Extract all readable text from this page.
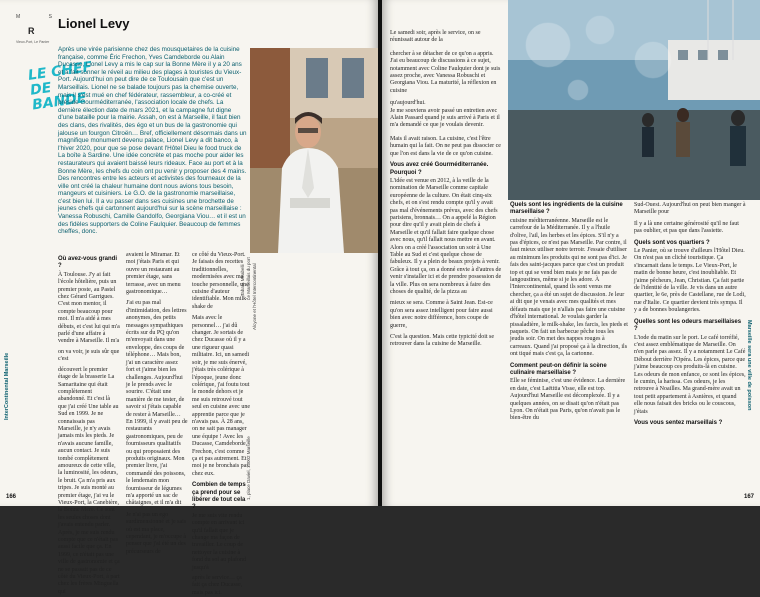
M	S
R
Vieux-Port, Le Panier
Lionel Levy
LE CHEF DE BANDE

Après une virée parisienne chez des mousquetaires de la cuisine française, comme Éric Frechon, Yves Camdeborde ou Alain Ducasse, Lionel Levy a mis le cap sur la Bonne Mère il y a 20 ans et a fait sonner le réveil au milieu des plages à touristes du Vieux-Port. Aujourd'hui on peut dire de ce Toulousain que c'est un Marseillais. Lionel ne se balade toujours pas la chemise ouverte, mais il s'est mué en chef fédérateur, rassembleur, a co-créé et préside Gourméditerranée, l'association locale de chefs. La dernière élection date de mars 2021, et la campagne fut digne d'une bataille pour la mairie. Assah, on est à Marseille, il faut bien des clans, des rivalités, des égo et un bus de la gastronomie qui jalouse un fourgon Citroën… Bref, officiellement désormais dans un magnifique monument devenu palace, Lionel Levy a dit banco, à l'hiver 2020, pour que se pose devant l'Hôtel Dieu le food truck de La boîte à Sardine. Une idée concrète et pas moche pour aider les restaurateurs qui avaient baissé leurs rideaux. Face au port et à la Bonne Mère, les chefs du coin ont pu venir y proposer des 4 mains. Des rencontres entre les acteurs et activistes des fourneaux de la ville ont créé la chaleur humaine dont nous avions tous besoin, mangeurs et cuisiniers. Le G.O. de la gastronomie marseillaise, c'est bien lui. Il a vu passer dans ses cuisines une brochette de jeunes chefs qui cartonnent aujourd'hui sur la scène marseillaise : Vanessa Robuschi, Camille Gandolfo, Georgiana Viou… et il est un des fidèles supporters de Coline Faulquier. Beaucoup de femmes cheffes, donc.

Tabata Mirabelli Le Marseillais du port Alcyone et l'Hôtel Intercontinental
1, place Daviel, 13002 Marseille
InterContinental Marseille
166

Où avez-vous grandi ?

À Toulouse. J'y ai fait l'école hôtelière, puis un premier poste, au Pastel chez Gérard Garrigues. C'est mon mentor, il compte beaucoup pour moi. Il m'a aidé à mes débuts, et c'est lui qui m'a parlé d'une affaire à vendre à Marseille. Il m'a

on va voir, je suis sûr que c'est

découvert le premier étage de la brasserie La Samaritaine qui était complètement abandonné. Et c'est là que j'ai créé Une table au Sud en 1999. Je ne connaissais pas Marseille, je n'y avais jamais mis les pieds. Je n'avais aucune famille, aucun contact. Je suis tombé complètement amoureux de cette ville, la luminosité, les odeurs, le bruit. Ça m'a pris aux tripes. Je suis monté au premier étage, j'ai vu le Vieux-Port, la Canebière, la Bonne Mère. Ce sont les seules choses dont j'avais entendu parler. Après, je me suis rendu compte que ce n'était pas aussi facile que ça. En 1999, ce n'était pas une ville de gastronomie et ça ne se passait pas de ce côté du Vieux-Port, à part chez les frères Minguella qui

avaient le Miramar. Et moi j'étais Paris et qui ouvre un restaurant au premier étage, sans terrasse, avec un menu gastronomique…

J'ai eu pas mal d'intimidation, des lettres anonymes, des petits messages sympathiques écrits sur du PQ qu'on m'envoyait dans une enveloppe, des coups de téléphone… Mais bon, j'ai un caractère assez fort et j'aime bien les challenges. Aujourd'hui je le prends avec le sourire. C'était une manière de me tester, de savoir si j'étais capable de rester à Marseille…

En 1999, il y avait peu de restaurants gastronomiques, peu de fournisseurs qualitatifs ou qui proposaient des produits originaux. Mon premier livre, j'ai commandé des poissons, le lendemain mon fournisseur de légumes m'a apporté un sac de châtaignes, et il m'a dit

Je n'ai pas un ego surdimensionné et je sais où est ma place, cependant, je m'occupe à penser que j'ai été un des précurseurs de

ce côté du Vieux-Port. Je faisais des recettes traditionnelles, modernisées avec ma touche personnelle, une cuisine d'auteur identifiable. Mon milk-shake de

Mais avec le personnel… j'ai dû changer. Je sortais de chez Ducasse où il y a une rigueur quasi militaire. Ici, un samedi soir, je me suis énervé, j'étais très colérique à l'époque, jeune donc colérique, j'ai foutu tout le monde dehors et je me suis retrouvé tout seul en cuisine avec une apprentie parce que je n'avais pas. À 28 ans, on ne sait pas manager une équipe ! Avec les Ducasse, Camdeborde, Frechon, c'est comme ça et pas autrement. Et moi je ne bronchais pas chez eux.

Combien de temps ça prend pour se libérer de tout cela ?

Je me suis vite rendu compte en arrivant ici qu'il fallait que je change ma façon de travailler. Le coup de nettoyer la cuisine à fond du sol au plafond jusqu'à

après le service… ça fait ça chez Ducasse, mais pas ici.

Le samedi soir, après le service, on se réunissait autour de la

chercher à se détacher de ce qu'on a appris. J'ai eu beaucoup de discussions à ce sujet, notamment avec Coline Faulquier dont je suis assez proche, avec Vanessa Robuschi et Georgiana Viou. La maturité, la réflexion en cuisine

qu'aujourd'hui.

Je me souviens avoir passé un entretien avec Alain Passard quand je suis arrivé à Paris et il m'a demandé ce que je voulais devenir.

Mais il avait raison. La cuisine, c'est l'être humain qui la fait. On ne peut pas dissocier ce que l'on est dans la vie de ce qu'on cuisine.

Vous avez créé Gourméditerranée. Pourquoi ?

L'idée est venue en 2012, à la veille de la nomination de Marseille comme capitale européenne de la culture. On était cinq-six chefs, et on s'est rendu compte qu'il y avait pas mal d'événements prévus, avec des chefs parisiens, bronnais… On a appelé la Région pour dire qu'il y avait plein de chefs à Marseille et qu'il fallait faire quelque chose avec nous, qu'il fallait nous mettre en avant. Alors on a créé l'association un soir à Une Table au Sud et c'est quelque chose de fabuleux. Il y a plein de beaux projets à venir. Grâce à tout ça, on a donné envie à d'autres de venir s'installer ici et de prendre possession de la ville. Plus on sera nombreux à faire des choses de qualité, de la pizza au

mieux se sera. Comme à Saint Jean. Est-ce qu'on sera assez intelligent pour faire aussi bien avec notre différence, hors coupe de guerre,

C'est la question. Mais cette typicité doit se retrouver dans la cuisine de Marseille.

Quels sont les ingrédients de la cuisine marseillaise ?

cuisine méditerranéenne. Marseille est le carrefour de la Méditerranée. Il y a l'huile d'olive, l'ail, les herbes et les épices. S'il n'y a pas d'épices, ce n'est pas Marseille. Par contre, il faut mieux utiliser notre terroir. J'essaie d'utiliser au minimum les produits qui ne sont pas d'ici. Je fais des saint-jacques parce que c'est un produit top et qui se vend bien mais je ne fais pas de langoustines, même si je les adore. À l'Intercontinental, quand ils sont venus me chercher, ça a été un sujet de discussion. Je leur ai dit que je venais avec mes qualités et mes défauts mais que je n'allais pas faire une cuisine d'hôtel international. Je voulais garder la pissaladière, le milk-shake, les farcis, les pieds et paquets. On fait un barbecue pêche tous les jeudis soir. On met des nappes rouges à carreaux. Quand j'ai proposé ça à la direction, ils ont tiqué mais c'est ça, la cartonne.

Comment peut-on définir la scène culinaire marseillaise ?

Elle se féminise, c'est une évidence. La dernière en date, c'est Laëtitia Visse, elle est top. Aujourd'hui Marseille est décomplexée. Il y a quelques années, on se disait qu'on n'était pas Lyon. On n'était pas Paris, qu'on n'avait pas le bien-être du

Sud-Ouest. Aujourd'hui on peut bien manger à Marseille pour

Il y a là une certaine générosité qu'il ne faut pas oublier, et pas que dans l'assiette.

Quels sont vos quartiers ?

Le Panier, où se trouve d'ailleurs l'Hôtel Dieu. On n'est pas un cliché touristique. Ça s'incarnait dans le temps. Le Vieux-Port, le matin de bonne heure, c'est inoubliable. Et j'aime pêcheurs, Jean, Christian. Ça fait partie de l'identité de la ville. Je vis dans un autre quartier, le 6e, près de Castellane, rue de Lodi, rue d'Italie. Ce quartier devient très sympa. Il y a de bonnes boulangeries.

Quelles sont les odeurs marseillaises ?

L'iode du matin sur le port. Le café torréfié, c'est assez emblématique de Marseille. On n'en parle pas assez. Il y a notamment Le Café Débout derrière l'Opéra. Les épices, parce que j'aime beaucoup ces produits-là en cuisine. Les odeurs de mon enfance, ce sont les épices, le cumin, la harissa. Ces odeurs, je les retrouve à Noailles. Ma grand-mère avait un tout petit appartement à Asnières, et quand elle nous faisait des bricks ou le couscous, j'étais

Vous vous sentez marseillais ?

Marseille sera une ville de poisson
167
